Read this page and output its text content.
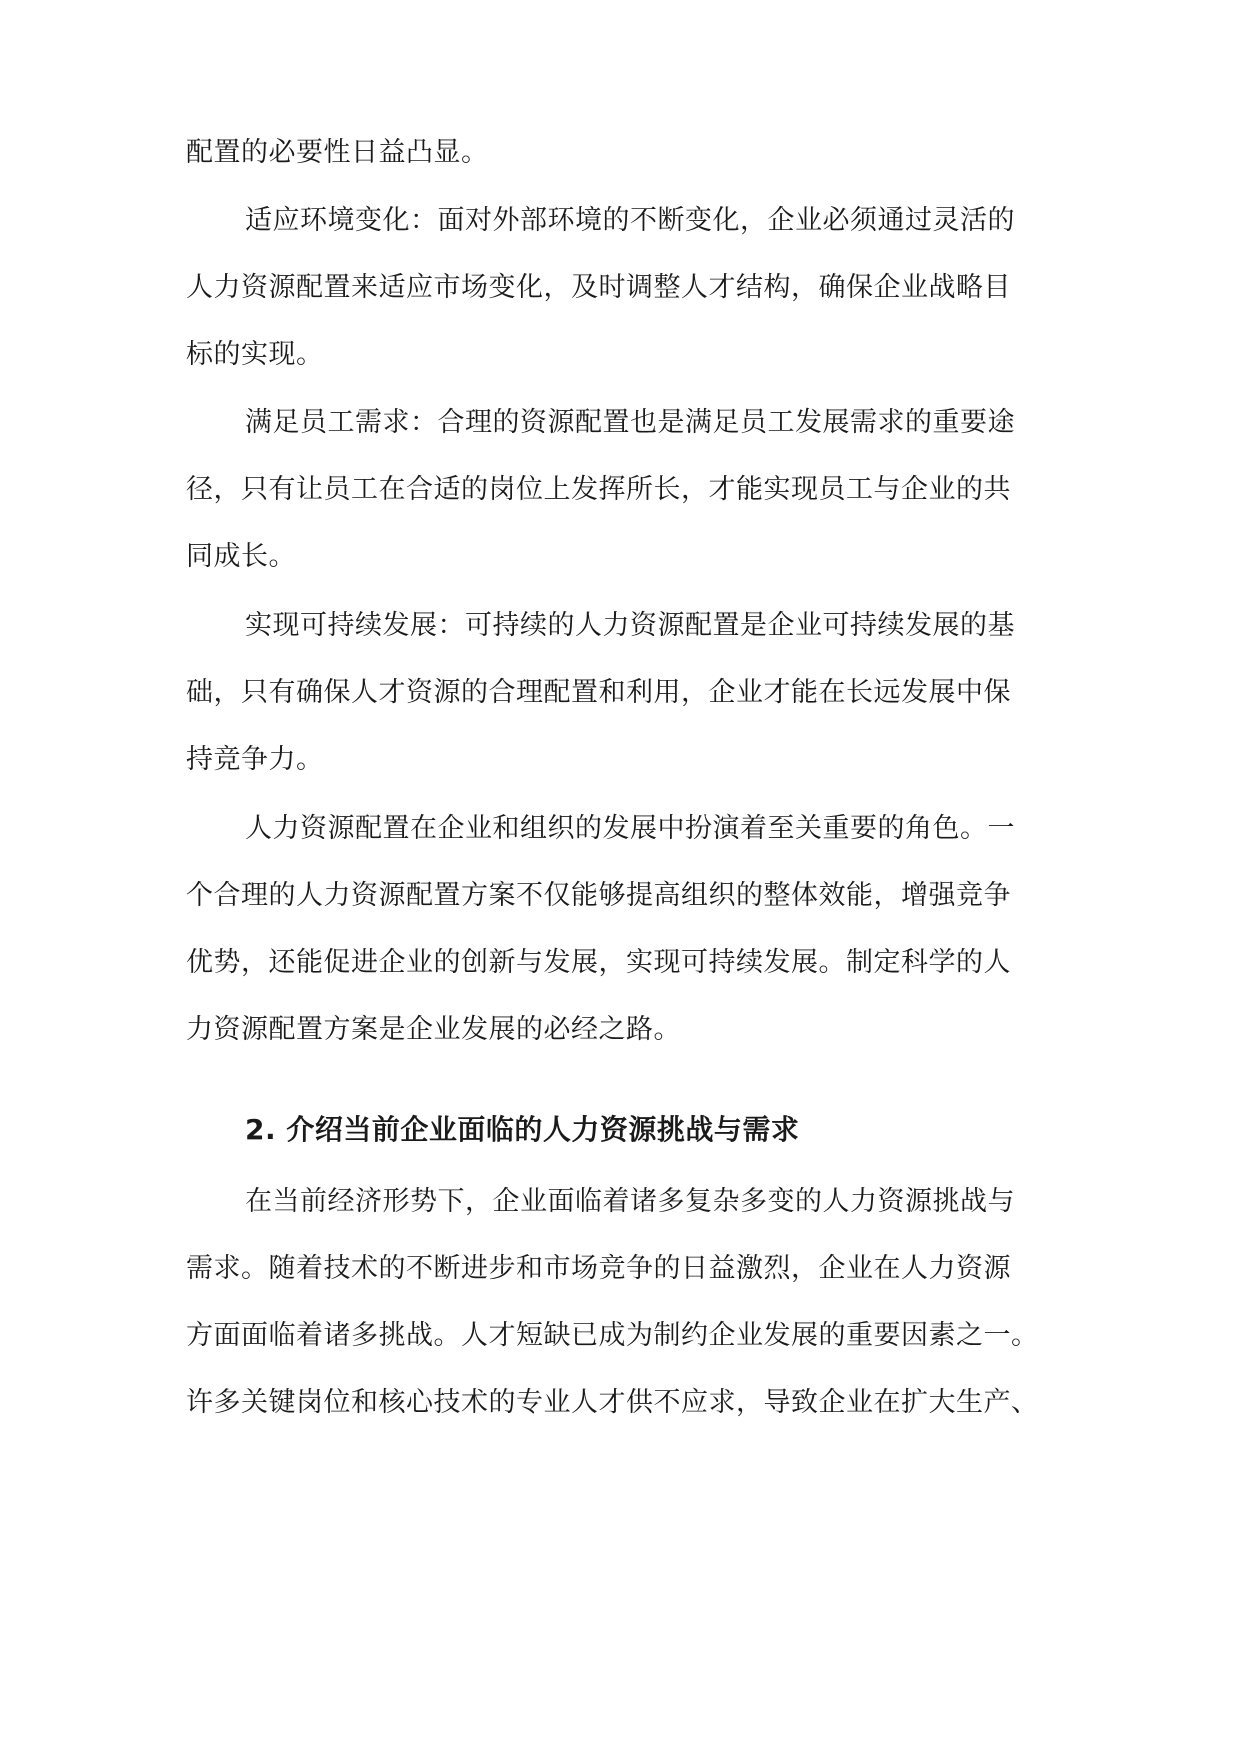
配置的必要性日益凸显。
适应环境变化：面对外部环境的不断变化，企业必须通过灵活的
人力资源配置来适应市场变化，及时调整人才结构，确保企业战略目
标的实现。
满足员工需求：合理的资源配置也是满足员工发展需求的重要途
径，只有让员工在合适的岗位上发挥所长，才能实现员工与企业的共
同成长。
实现可持续发展：可持续的人力资源配置是企业可持续发展的基
础，只有确保人才资源的合理配置和利用，企业才能在长远发展中保
持竞争力。
人力资源配置在企业和组织的发展中扮演着至关重要的角色。一
个合理的人力资源配置方案不仅能够提高组织的整体效能，增强竞争
优势，还能促进企业的创新与发展，实现可持续发展。制定科学的人
力资源配置方案是企业发展的必经之路。
2. 介绍当前企业面临的人力资源挑战与需求
在当前经济形势下，企业面临着诸多复杂多变的人力资源挑战与
需求。随着技术的不断进步和市场竞争的日益激烈，企业在人力资源
方面面临着诸多挑战。人才短缺已成为制约企业发展的重要因素之一。
许多关键岗位和核心技术的专业人才供不应求，导致企业在扩大生产、
